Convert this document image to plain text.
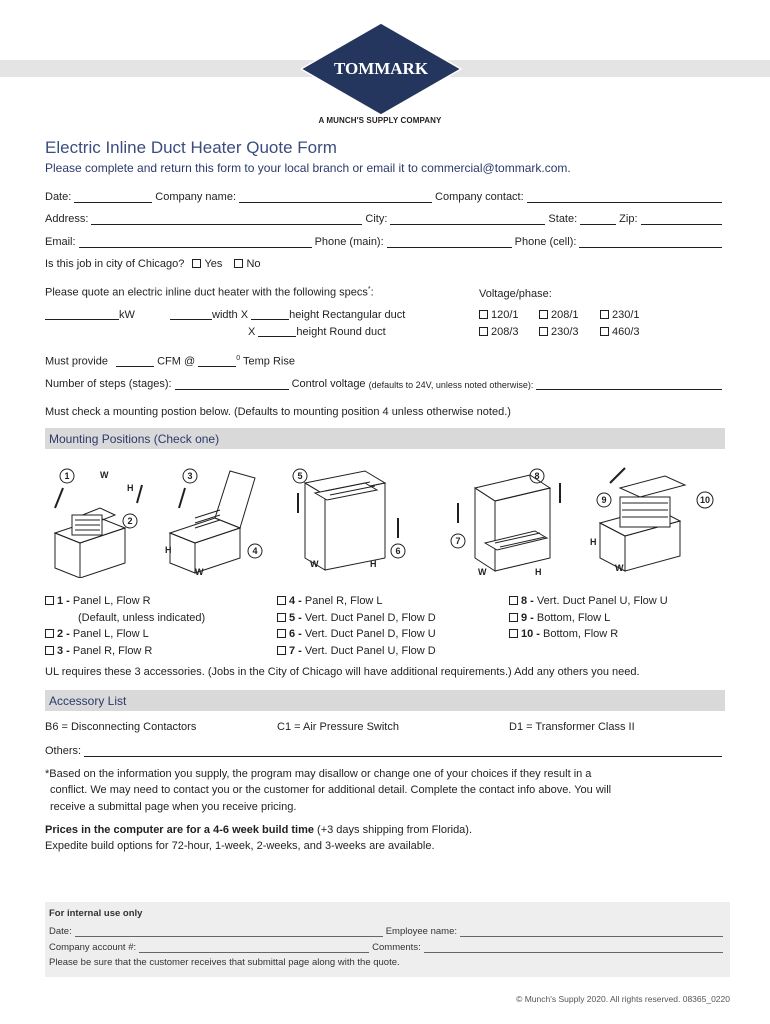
TOMMARK
A MUNCH'S SUPPLY COMPANY
Electric Inline Duct Heater Quote Form
Please complete and return this form to your local branch or email it to commercial@tommark.com.
Date:	Company name:	Company contact:
Address:	City:	State:	Zip:
Email:	Phone (main):	Phone (cell):
Is this job in city of Chicago? Yes No
Please quote an electric inline duct heater with the following specs*:	Voltage/phase:
kW	width X	height Rectangular duct
X	height Round duct
120/1	208/1	230/1
208/3	230/3	460/3
Must provide	CFM @	$^0$ Temp Rise
Number of steps (stages):	Control voltage
(defaults to 24V, unless noted otherwise):
Must check a mounting postion below. (Defaults to mounting position 4 unless otherwise noted.)
Mounting Positions (Check one)
1
2
W
H
3
4
H
W
5
6
W	H
8
7
W	H
9	10
H
W
1 - Panel L, Flow R
(Default, unless indicated)
2 - Panel L, Flow L
3 - Panel R, Flow R
4 - Panel R, Flow L
5 - Vert. Duct Panel D, Flow D
6 - Vert. Duct Panel D, Flow U
7 - Vert. Duct Panel U, Flow D
8 - Vert. Duct Panel U, Flow U
9 - Bottom, Flow L
10 - Bottom, Flow R
UL requires these 3 accessories. (Jobs in the City of Chicago will have additional requirements.) Add any others you need.
Accessory List
B6 = Disconnecting Contactors	C1 = Air Pressure Switch	D1 = Transformer Class II
Others:
*Based on the information you supply, the program may disallow or change one of your choices if they result in a
conflict. We may need to contact you or the customer for additional detail. Complete the contact info above. You will
receive a submittal page when you receive pricing.
Prices in the computer are for a 4-6 week build time (+3 days shipping from Florida).
Expedite build options for 72-hour, 1-week, 2-weeks, and 3-weeks are available.
For internal use only
Date:	Employee name:
Company account #:	Comments:
Please be sure that the customer receives that submittal page along with the quote.
© Munch's Supply 2020. All rights reserved. 08365_0220
